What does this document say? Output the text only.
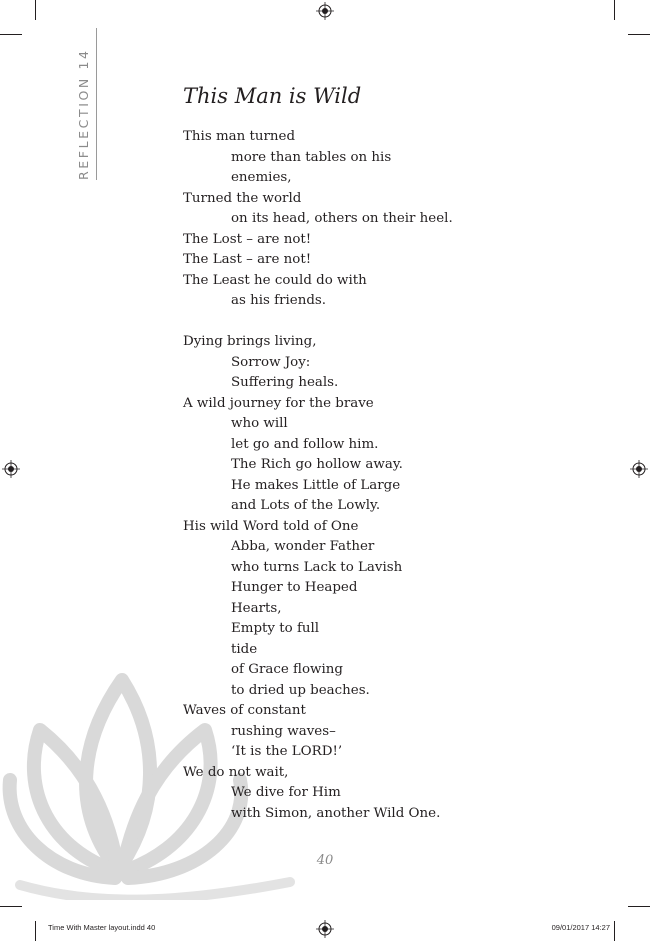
REFLECTION 14	This Man is Wild
This man turned
more than tables on his
enemies,
Turned the world
on its head, others on their heel.
The Lost – are not!
The Last – are not!
The Least he could do with
as his friends.
Dying brings living,
Sorrow Joy:
Suffering heals.
A wild journey for the brave
who will
let go and follow him.
The Rich go hollow away.
He makes Little of Large
and Lots of the Lowly.
His wild Word told of One
Abba, wonder Father
who turns Lack to Lavish
Hunger to Heaped
Hearts,
Empty to full
tide
of Grace flowing
to dried up beaches.
Waves of constant
rushing waves–
‘It is the LORD!’
We do not wait,
We dive for Him
with Simon, another Wild One.
40
Time With Master layout.indd 40	09/01/2017 14:27
